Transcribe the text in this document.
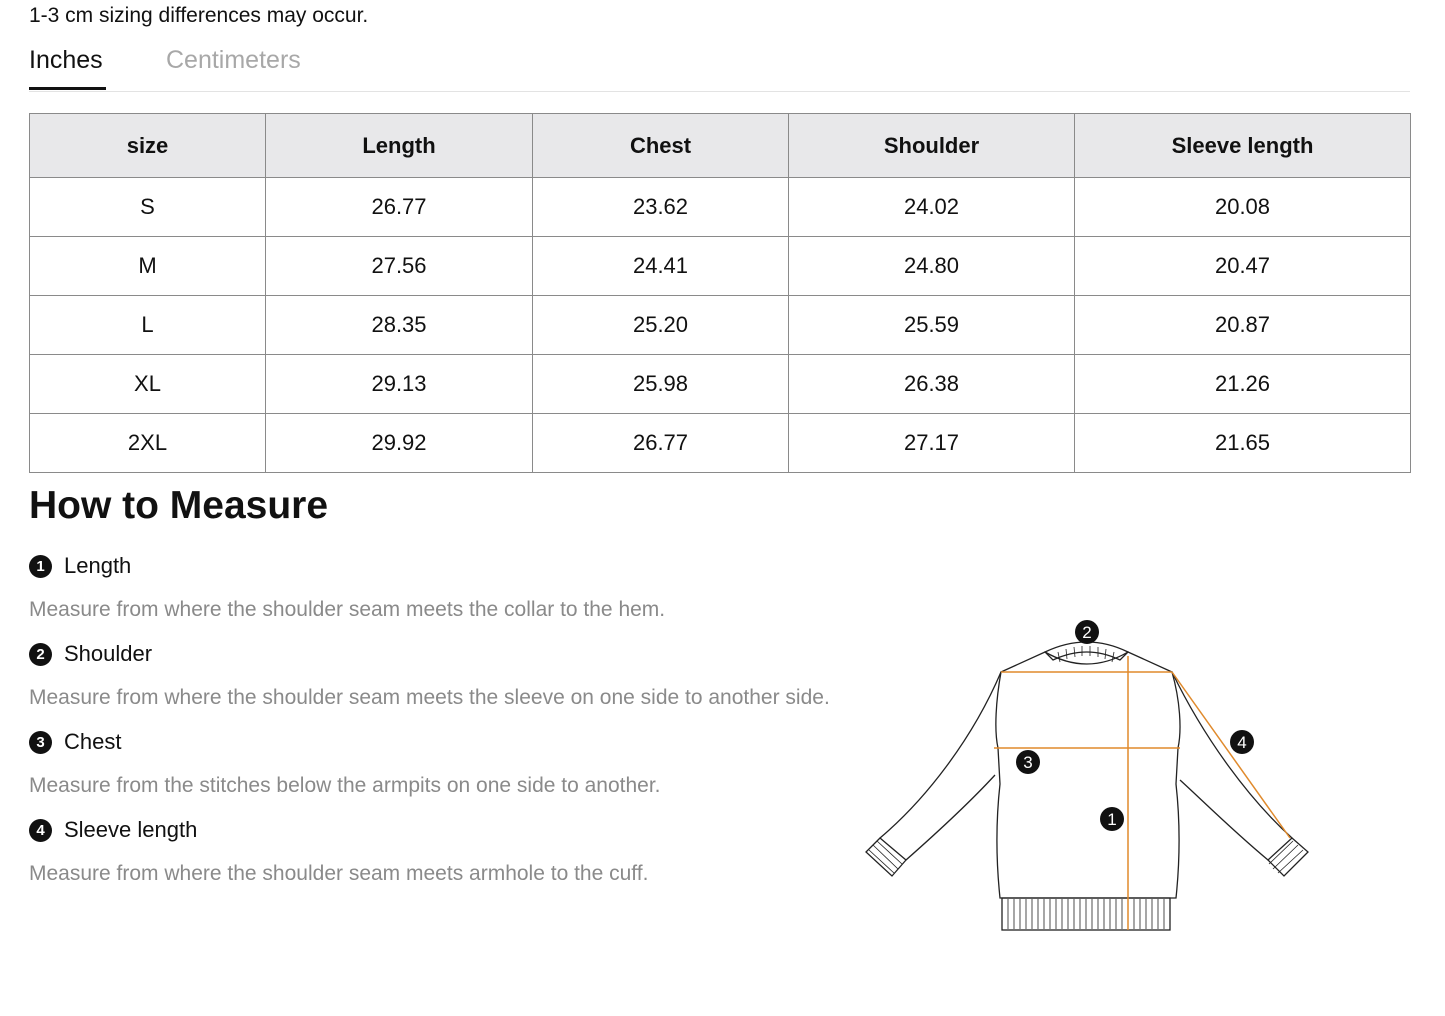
1-3 cm sizing differences may occur.
Inches	Centimeters
size	Length	Chest	Shoulder	Sleeve length
S	26.77	23.62	24.02	20.08
M	27.56	24.41	24.80	20.47
L	28.35	25.20	25.59	20.87
XL	29.13	25.98	26.38	21.26
2XL	29.92	26.77	27.17	21.65
How to Measure
1 Length
Measure from where the shoulder seam meets the collar to the hem.
2 Shoulder
Measure from where the shoulder seam meets the sleeve on one side to another side.
3 Chest
Measure from the stitches below the armpits on one side to another.
4 Sleeve length
Measure from where the shoulder seam meets armhole to the cuff.
2
3
1
4
